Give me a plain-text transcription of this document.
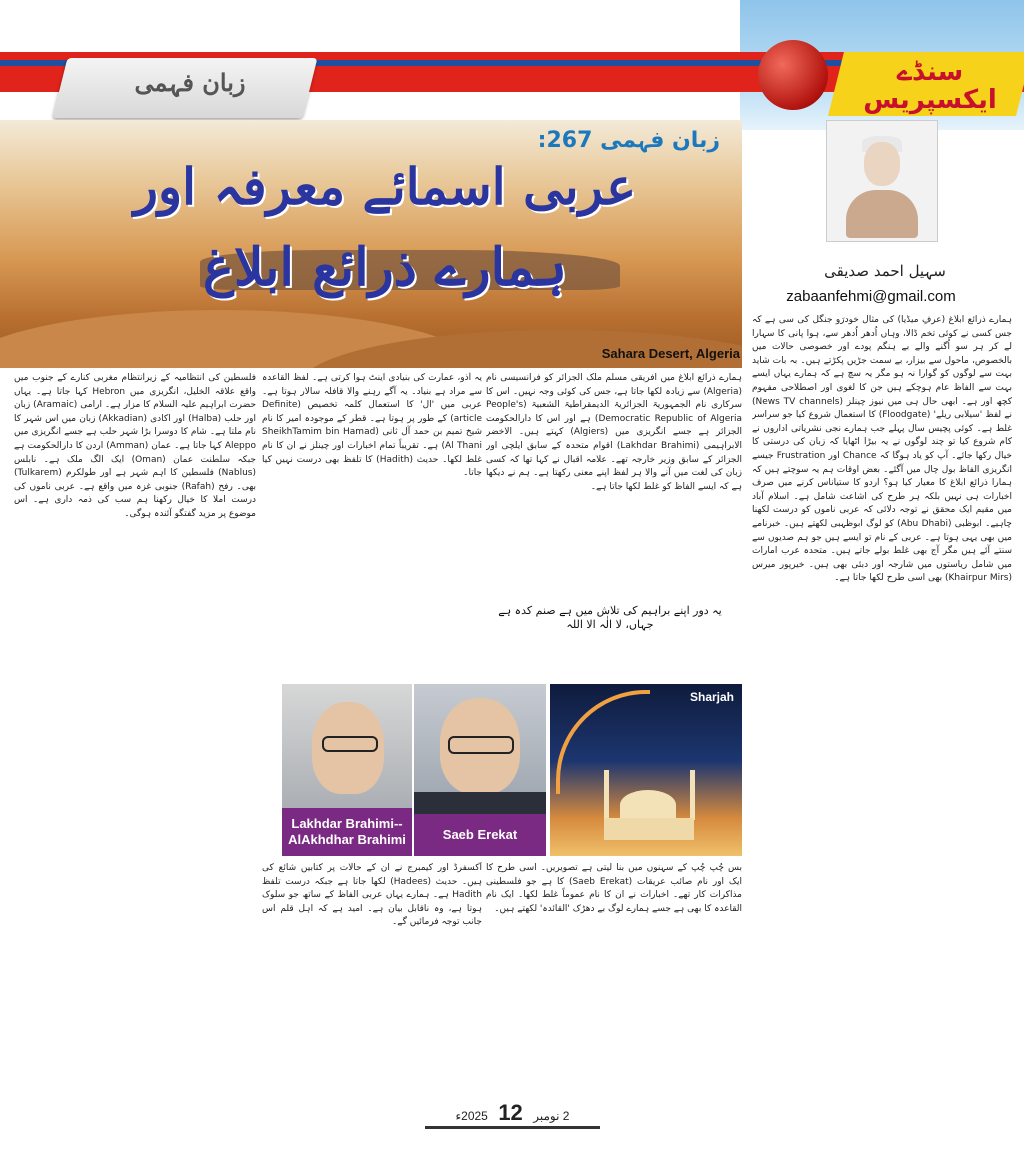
زبان فہمی	سنڈے ایکسپریس
زبان فہمی 267:
عربی اسمائے معرفہ اور
ہمارے ذرائع ابلاغ
Sahara Desert, Algeria
سہیل احمد صدیقی
zabaanfehmi@gmail.com
ہمارے ذرائع ابلاغ (عرفِ میڈیا) کی مثال خودرَو جنگل کی سی ہے کہ جس کسی نے کوئی تخم ڈالا، وہاں اُدھر اُدھر سے، ہوا پانی کا سہارا لے کر ہر سو اُگنے والے بے ہنگم پودے اور خصوصی حالات میں بالخصوص، ماحول سے بیزار، بے سمت جڑیں پکڑتے ہیں۔ بہ بات شاید بہت سے لوگوں کو گوارا نہ ہو مگر یہ سچ ہے کہ ہمارے یہاں ایسے بہت سے الفاظ عام ہوچکے ہیں جن کا لغوی اور اصطلاحی مفہوم کچھ اور ہے۔ ابھی حال ہی میں نیوز چینلز (News TV channels) نے لفظ 'سیلابی ریلے' (Floodgate) کا استعمال شروع کیا جو سراسر غلط ہے۔ کوئی پچیس سال پہلے جب ہمارے نجی نشریاتی اداروں نے کام شروع کیا تو چند لوگوں نے یہ بیڑا اٹھایا کہ زبان کی درستی کا خیال رکھا جائے۔ آپ کو یاد ہوگا کہ Chance اور Frustration جیسے انگریزی الفاظ بول چال میں آگئے۔ بعض اوقات ہم یہ سوچتے ہیں کہ ہمارا ذرائع ابلاغ کا معیار کیا ہو؟ اردو کا ستیاناس کرنے میں صرف اخبارات ہی نہیں بلکہ ہر طرح کی اشاعت شامل ہے۔ اسلام آباد میں مقیم ایک محقق نے توجہ دلائی کہ عربی ناموں کو درست لکھنا چاہیے۔ ابوظبی (Abu Dhabi) کو لوگ ابوظہبی لکھتے ہیں۔ خبرنامے میں بھی یہی ہوتا ہے۔ عربی کے نام تو ایسے ہیں جو ہم صدیوں سے سنتے آئے ہیں مگر آج بھی غلط بولے جاتے ہیں۔ متحدہ عرب امارات میں شامل ریاستوں میں شارجہ اور دبئی بھی ہیں۔ خیرپور میرس (Khairpur Mirs) بھی اسی طرح لکھا جاتا ہے۔
ہمارے ذرائع ابلاغ میں افریقی مسلم ملک الجزائر کو فرانسیسی نام (Algeria) سے زیادہ لکھا جاتا ہے، جس کی کوئی وجہ نہیں۔ اس کا سرکاری نام الجمہوریۃ الجزائریۃ الدیمقراطیۃ الشعبیۃ (People's Democratic Republic of Algeria) ہے اور اس کا دارالحکومت الجزائر ہے جسے انگریزی میں (Algiers) کہتے ہیں۔ الاخضر الابراہیمی (Lakhdar Brahimi) اقوام متحدہ کے سابق ایلچی اور الجزائر کے سابق وزیر خارجہ تھے۔ علامہ اقبال نے کہا تھا کہ کسی زبان کی لغت میں آنے والا ہر لفظ اپنے معنی رکھتا ہے۔ ہم نے دیکھا ہے کہ ایسے الفاظ کو غلط لکھا جاتا ہے۔
یہ دور اپنے براہیم کی تلاش میں ہے صنم کدہ ہے جہاں، لا الٰہ الا اللہ
یہ اٰذو، عمارت کی بنیادی اینٹ ہوا کرتی ہے۔ لفظ القاعدہ سے مراد ہے بنیاد۔ یہ آگے رہنے والا قافلہ سالار ہوتا ہے۔ عربی میں 'ال' کا استعمال کلمہ تخصیص (Definite article) کے طور پر ہوتا ہے۔ قطر کے موجودہ امیر کا نام شیخ تمیم بن حمد آل ثانی (SheikhTamim bin Hamad Al Thani) ہے۔ تقریباً تمام اخبارات اور چینلز نے ان کا نام غلط لکھا۔ حدیث (Hadith) کا تلفظ بھی درست نہیں کیا جاتا۔
فلسطین کی انتظامیہ کے زیرانتظام مغربی کنارے کے جنوب میں واقع علاقہ الخلیل، انگریزی میں Hebron کہا جاتا ہے۔ یہاں حضرت ابراہیم علیہ السلام کا مزار ہے۔ ارامی (Aramaic) زبان اور حلب (Halba) اور اکادی (Akkadian) زبان میں اس شہر کا نام ملتا ہے۔ شام کا دوسرا بڑا شہر حلب ہے جسے انگریزی میں Aleppo کہا جاتا ہے۔ عمان (Amman) اردن کا دارالحکومت ہے جبکہ سلطنت عمان (Oman) ایک الگ ملک ہے۔ نابلس (Nablus) فلسطین کا اہم شہر ہے اور طولکرم (Tulkarem) بھی۔ رفح (Rafah) جنوبی غزہ میں واقع ہے۔ عربی ناموں کی درست املا کا خیال رکھنا ہم سب کی ذمہ داری ہے۔ اس موضوع پر مزید گفتگو آئندہ ہوگی۔
Lakhdar Brahimi-- AlAkhdhar Brahimi	Saeb Erekat
Sharjah
بس چُپ چُپ کے سہنوں میں بنا لیتی ہے تصویریں۔ اسی طرح کا ایک اور نام صائب عریقات (Saeb Erekat) کا ہے جو فلسطینی مذاکرات کار تھے۔ اخبارات نے ان کا نام عموماً غلط لکھا۔ ایک نام القاعدہ کا بھی ہے جسے ہمارے لوگ بے دھڑک 'القائدہ' لکھتے ہیں۔
آکسفرڈ اور کیمبرج نے ان کے حالات پر کتابیں شائع کی ہیں۔ حدیث (Hadees) لکھا جاتا ہے جبکہ درست تلفظ Hadith ہے۔ ہمارے یہاں عربی الفاظ کے ساتھ جو سلوک ہوتا ہے، وہ ناقابل بیان ہے۔ امید ہے کہ اہل قلم اس جانب توجہ فرمائیں گے۔
2 نومبر 12 2025ء
